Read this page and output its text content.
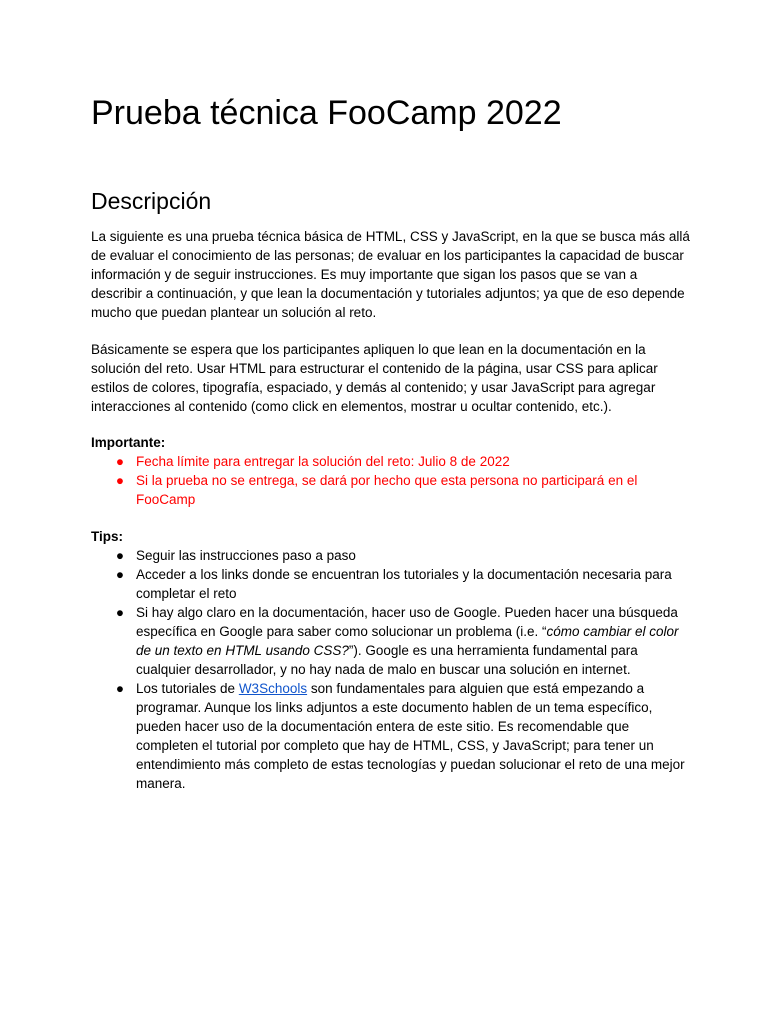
Prueba técnica FooCamp 2022
Descripción
La siguiente es una prueba técnica básica de HTML, CSS y JavaScript, en la que se busca más allá de evaluar el conocimiento de las personas; de evaluar en los participantes la capacidad de buscar información y de seguir instrucciones. Es muy importante que sigan los pasos que se van a describir a continuación, y que lean la documentación y tutoriales adjuntos; ya que de eso depende mucho que puedan plantear un solución al reto.
Básicamente se espera que los participantes apliquen lo que lean en la documentación en la solución del reto. Usar HTML para estructurar el contenido de la página, usar CSS para aplicar estilos de colores, tipografía, espaciado, y demás al contenido; y usar JavaScript para agregar interacciones al contenido (como click en elementos, mostrar u ocultar contenido, etc.).
Importante:
● Fecha límite para entregar la solución del reto: Julio 8 de 2022
● Si la prueba no se entrega, se dará por hecho que esta persona no participará en el FooCamp
Tips:
● Seguir las instrucciones paso a paso
● Acceder a los links donde se encuentran los tutoriales y la documentación necesaria para completar el reto
● Si hay algo claro en la documentación, hacer uso de Google. Pueden hacer una búsqueda específica en Google para saber como solucionar un problema (i.e. “cómo cambiar el color de un texto en HTML usando CSS?”). Google es una herramienta fundamental para cualquier desarrollador, y no hay nada de malo en buscar una solución en internet.
● Los tutoriales de W3Schools son fundamentales para alguien que está empezando a programar. Aunque los links adjuntos a este documento hablen de un tema específico, pueden hacer uso de la documentación entera de este sitio. Es recomendable que completen el tutorial por completo que hay de HTML, CSS, y JavaScript; para tener un entendimiento más completo de estas tecnologías y puedan solucionar el reto de una mejor manera.
